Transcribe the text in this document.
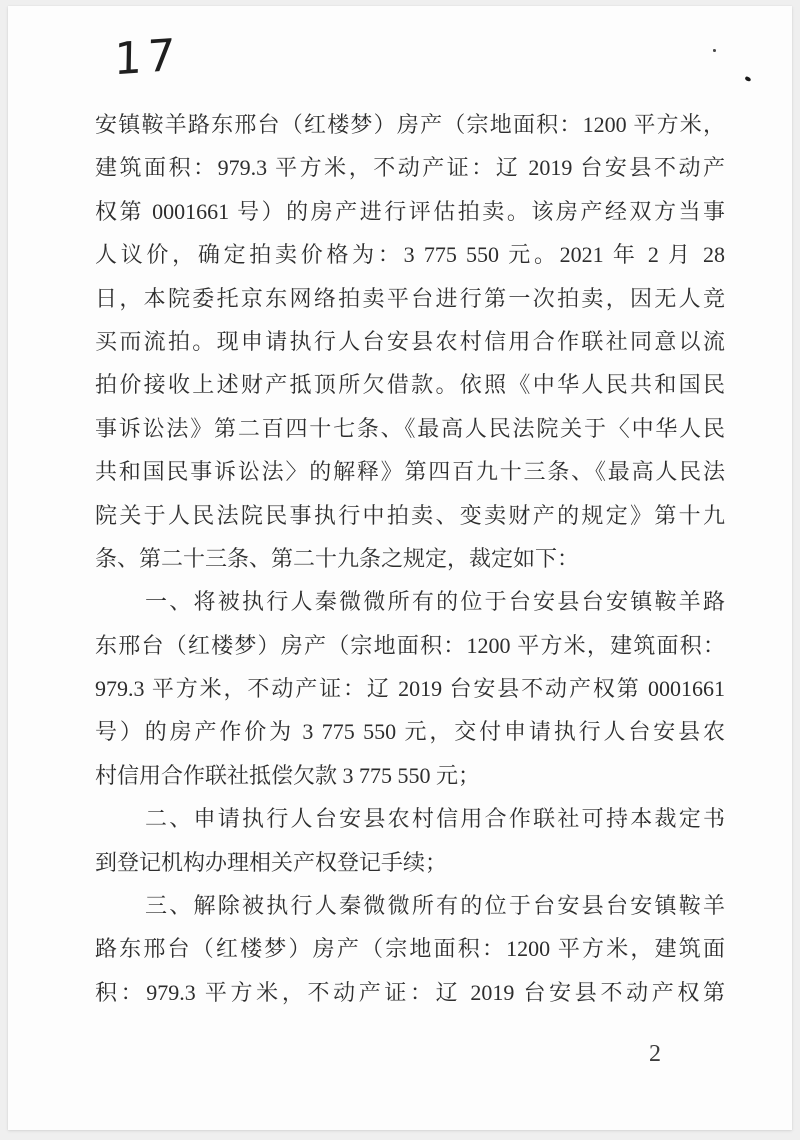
17
安镇鞍羊路东邢台（红楼梦）房产（宗地面积：1200 平方米，
建筑面积：979.3 平方米，不动产证：辽 2019 台安县不动产
权第 0001661 号）的房产进行评估拍卖。该房产经双方当事
人议价，确定拍卖价格为：3 775 550 元。2021 年 2 月 28
日，本院委托京东网络拍卖平台进行第一次拍卖，因无人竞
买而流拍。现申请执行人台安县农村信用合作联社同意以流
拍价接收上述财产抵顶所欠借款。依照《中华人民共和国民
事诉讼法》第二百四十七条、《最高人民法院关于〈中华人民
共和国民事诉讼法〉的解释》第四百九十三条、《最高人民法
院关于人民法院民事执行中拍卖、变卖财产的规定》第十九
条、第二十三条、第二十九条之规定，裁定如下：
一、将被执行人秦微微所有的位于台安县台安镇鞍羊路
东邢台（红楼梦）房产（宗地面积：1200 平方米，建筑面积：
979.3 平方米，不动产证：辽 2019 台安县不动产权第 0001661
号）的房产作价为 3 775 550 元，交付申请执行人台安县农
村信用合作联社抵偿欠款 3 775 550 元；
二、申请执行人台安县农村信用合作联社可持本裁定书
到登记机构办理相关产权登记手续；
三、解除被执行人秦微微所有的位于台安县台安镇鞍羊
路东邢台（红楼梦）房产（宗地面积：1200 平方米，建筑面
积：979.3 平方米，不动产证：辽 2019 台安县不动产权第
2
